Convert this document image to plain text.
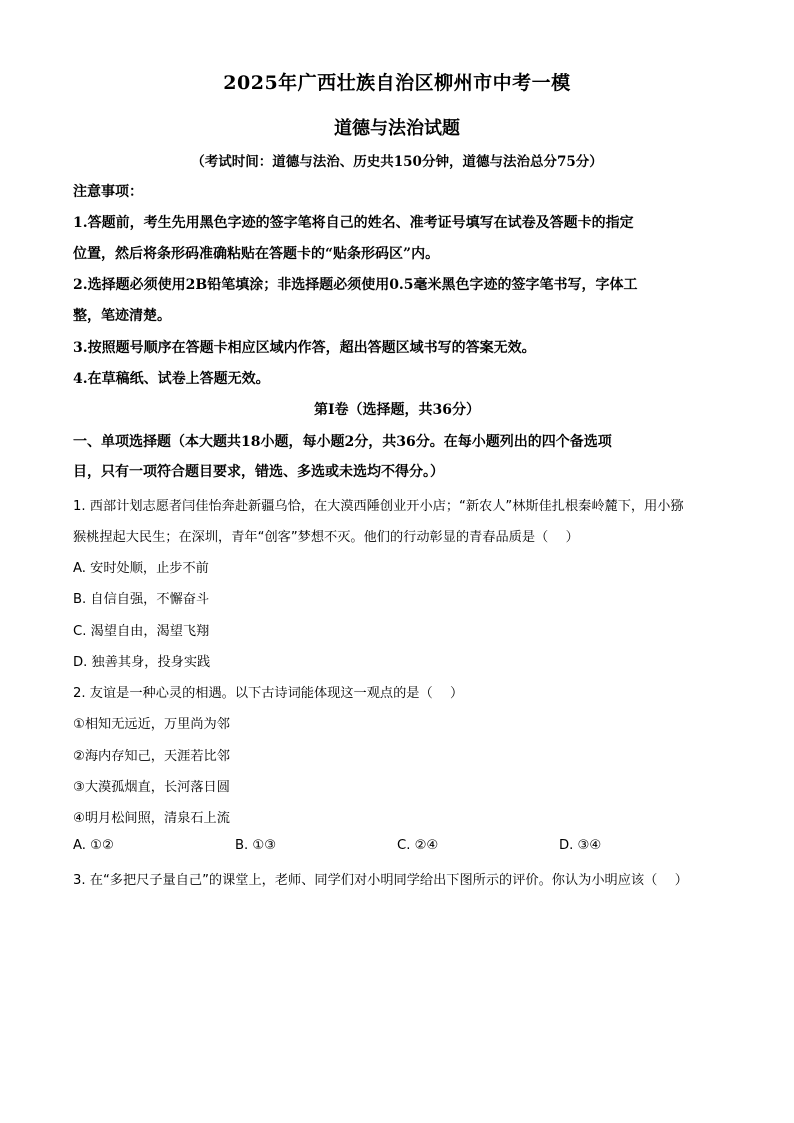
2025年广西壮族自治区柳州市中考一模
道德与法治试题
（考试时间：道德与法治、历史共150分钟，道德与法治总分75分）
注意事项：
1.答题前，考生先用黑色字迹的签字笔将自己的姓名、准考证号填写在试卷及答题卡的指定
位置，然后将条形码准确粘贴在答题卡的“贴条形码区”内。
2.选择题必须使用2B铅笔填涂；非选择题必须使用0.5毫米黑色字迹的签字笔书写，字体工
整，笔迹清楚。
3.按照题号顺序在答题卡相应区域内作答，超出答题区域书写的答案无效。
4.在草稿纸、试卷上答题无效。
第Ⅰ卷（选择题，共36分）
一、单项选择题（本大题共18小题，每小题2分，共36分。在每小题列出的四个备选项
目，只有一项符合题目要求，错选、多选或未选均不得分。）
1. 西部计划志愿者闫佳怡奔赴新疆乌恰，在大漠西陲创业开小店；“新农人”林斯佳扎根秦岭麓下，用小猕
猴桃捏起大民生；在深圳，青年“创客”梦想不灭。他们的行动彰显的青春品质是（　 ）
A. 安时处顺，止步不前
B. 自信自强，不懈奋斗
C. 渴望自由，渴望飞翔
D. 独善其身，投身实践
2. 友谊是一种心灵的相遇。以下古诗词能体现这一观点的是（　 ）
①相知无远近，万里尚为邻
②海内存知己，天涯若比邻
③大漠孤烟直，长河落日圆
④明月松间照，清泉石上流
A. ①②	B. ①③	C. ②④	D. ③④
3. 在“多把尺子量自己”的课堂上，老师、同学们对小明同学给出下图所示的评价。你认为小明应该（　 ）
